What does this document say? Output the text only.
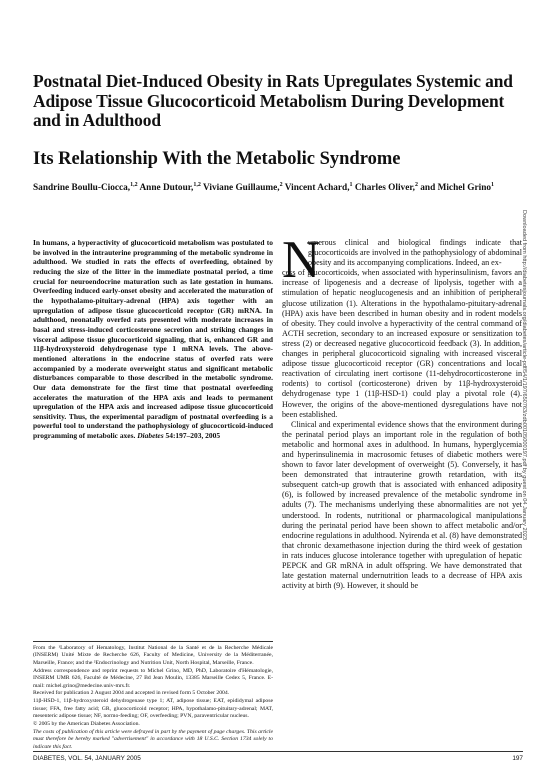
Postnatal Diet-Induced Obesity in Rats Upregulates Systemic and Adipose Tissue Glucocorticoid Metabolism During Development and in Adulthood
Its Relationship With the Metabolic Syndrome
Sandrine Boullu-Ciocca,$^{1,2}$ Anne Dutour,$^{1,2}$ Viviane Guillaume,$^2$ Vincent Achard,$^1$ Charles Oliver,$^2$ and Michel Grino$^1$
Downloaded from http://diabetesjournals.org/diabetes/article-pdf/54/1/197/650763/zdb00105000197.pdf by guest on 04 January 2023
In humans, a hyperactivity of glucocorticoid metabolism was postulated to be involved in the intrauterine programming of the metabolic syndrome in adulthood. We studied in rats the effects of overfeeding, obtained by reducing the size of the litter in the immediate postnatal period, a time crucial for neuroendocrine maturation such as late gestation in humans. Overfeeding induced early-onset obesity and accelerated the maturation of the hypothalamo-pituitary-adrenal (HPA) axis together with an upregulation of adipose tissue glucocorticoid receptor (GR) mRNA. In adulthood, neonatally overfed rats presented with moderate increases in basal and stress-induced corticosterone secretion and striking changes in visceral adipose tissue glucocorticoid signaling, that is, enhanced GR and 11β-hydroxysteroid dehydrogenase type 1 mRNA levels. The above-mentioned alterations in the endocrine status of overfed rats were accompanied by a moderate overweight status and significant metabolic disturbances comparable to those described in the metabolic syndrome. Our data demonstrate for the first time that postnatal overfeeding accelerates the maturation of the HPA axis and leads to permanent upregulation of the HPA axis and increased adipose tissue glucocorticoid sensitivity. Thus, the experimental paradigm of postnatal overfeeding is a powerful tool to understand the pathophysiology of glucocorticoid-induced programming of metabolic axes. Diabetes 54:197–203, 2005

From the ¹Laboratory of Hematology, Institut National de la Santé et de la Recherche Médicale (INSERM) Unité Mixte de Recherche 626, Faculty of Medicine, University de la Méditerranée, Marseille, France; and the ²Endocrinology and Nutrition Unit, North Hospital, Marseille, France.

Address correspondence and reprint requests to Michel Grino, MD, PhD, Laboratoire d'Hématologie, INSERM UMR 626, Faculté de Médecine, 27 Bd Jean Moulin, 13385 Marseille Cedex 5, France. E-mail: michel.grino@medecine.univ-mrs.fr.

Received for publication 2 August 2004 and accepted in revised form 5 October 2004.

11β-HSD-1, 11β-hydroxysteroid dehydrogenase type 1; AT, adipose tissue; EAT, epididymal adipose tissue; FFA, free fatty acid; GR, glucocorticoid receptor; HPA, hypothalamo-pituitary-adrenal; MAT, mesenteric adipose tissue; NF, normo-feeding; OF, overfeeding; PVN, paraventricular nucleus.

© 2005 by the American Diabetes Association.

The costs of publication of this article were defrayed in part by the payment of page charges. This article must therefore be hereby marked "advertisement" in accordance with 18 U.S.C. Section 1734 solely to indicate this fact.

N

umerous clinical and biological findings indicate that glucocorticoids are involved in the pathophysiology of abdominal obesity and its accompanying complications. Indeed, an ex-

cess of glucocorticoids, when associated with hyperinsulinism, favors an increase of lipogenesis and a decrease of lipolysis, together with a stimulation of hepatic neoglucogenesis and an inhibition of peripheral glucose utilization (1). Alterations in the hypothalamo-pituitary-adrenal (HPA) axis have been described in human obesity and in rodent models of obesity. They could involve a hyperactivity of the central command of ACTH secretion, secondary to an increased exposure or sensitization to stress (2) or decreased negative glucocorticoid feedback (3). In addition, changes in peripheral glucocorticoid signaling with increased visceral adipose tissue glucocorticoid receptor (GR) concentrations and local reactivation of circulating inert cortisone (11-dehydrocorticosterone in rodents) to cortisol (corticosterone) driven by 11β-hydroxysteroid dehydrogenase type 1 (11β-HSD-1) could play a pivotal role (4). However, the origins of the above-mentioned dysregulations have not been established.

Clinical and experimental evidence shows that the environment during the perinatal period plays an important role in the regulation of both metabolic and hormonal axes in adulthood. In humans, hyperglycemia and hyperinsulinemia in macrosomic fetuses of diabetic mothers were shown to favor later development of overweight (5). Conversely, it has been demonstrated that intrauterine growth retardation, with its subsequent catch-up growth that is associated with enhanced adiposity (6), is followed by increased prevalence of the metabolic syndrome in adults (7). The mechanisms underlying these abnormalities are not yet understood. In rodents, nutritional or pharmacological manipulations during the perinatal period have been shown to affect metabolic and/or endocrine regulations in adulthood. Nyirenda et al. (8) have demonstrated that chronic dexamethasone injection during the third week of gestation in rats induces glucose intolerance together with upregulation of hepatic PEPCK and GR mRNA in adult offspring. We have demonstrated that late gestation maternal undernutrition leads to a decrease of HPA axis activity at birth (9). However, it should be

DIABETES, VOL. 54, JANUARY 2005	197
